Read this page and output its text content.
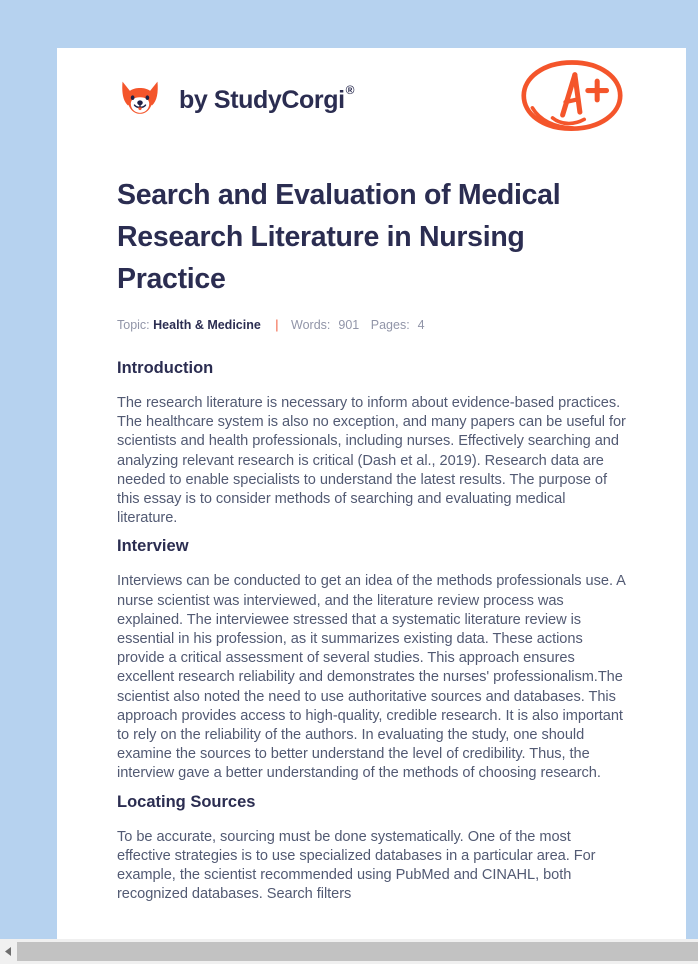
by StudyCorgi®
Search and Evaluation of Medical Research Literature in Nursing Practice
Topic: Health & Medicine | Words: 901 Pages: 4
Introduction

The research literature is necessary to inform about evidence-based practices. The healthcare system is also no exception, and many papers can be useful for scientists and health professionals, including nurses. Effectively searching and analyzing relevant research is critical (Dash et al., 2019). Research data are needed to enable specialists to understand the latest results. The purpose of this essay is to consider methods of searching and evaluating medical literature.

Interview

Interviews can be conducted to get an idea of the methods professionals use. A nurse scientist was interviewed, and the literature review process was explained. The interviewee stressed that a systematic literature review is essential in his profession, as it summarizes existing data. These actions provide a critical assessment of several studies. This approach ensures excellent research reliability and demonstrates the nurses' professionalism.The scientist also noted the need to use authoritative sources and databases. This approach provides access to high-quality, credible research. It is also important to rely on the reliability of the authors. In evaluating the study, one should examine the sources to better understand the level of credibility. Thus, the interview gave a better understanding of the methods of choosing research.

Locating Sources

To be accurate, sourcing must be done systematically. One of the most effective strategies is to use specialized databases in a particular area. For example, the scientist recommended using PubMed and CINAHL, both recognized databases. Search filters
